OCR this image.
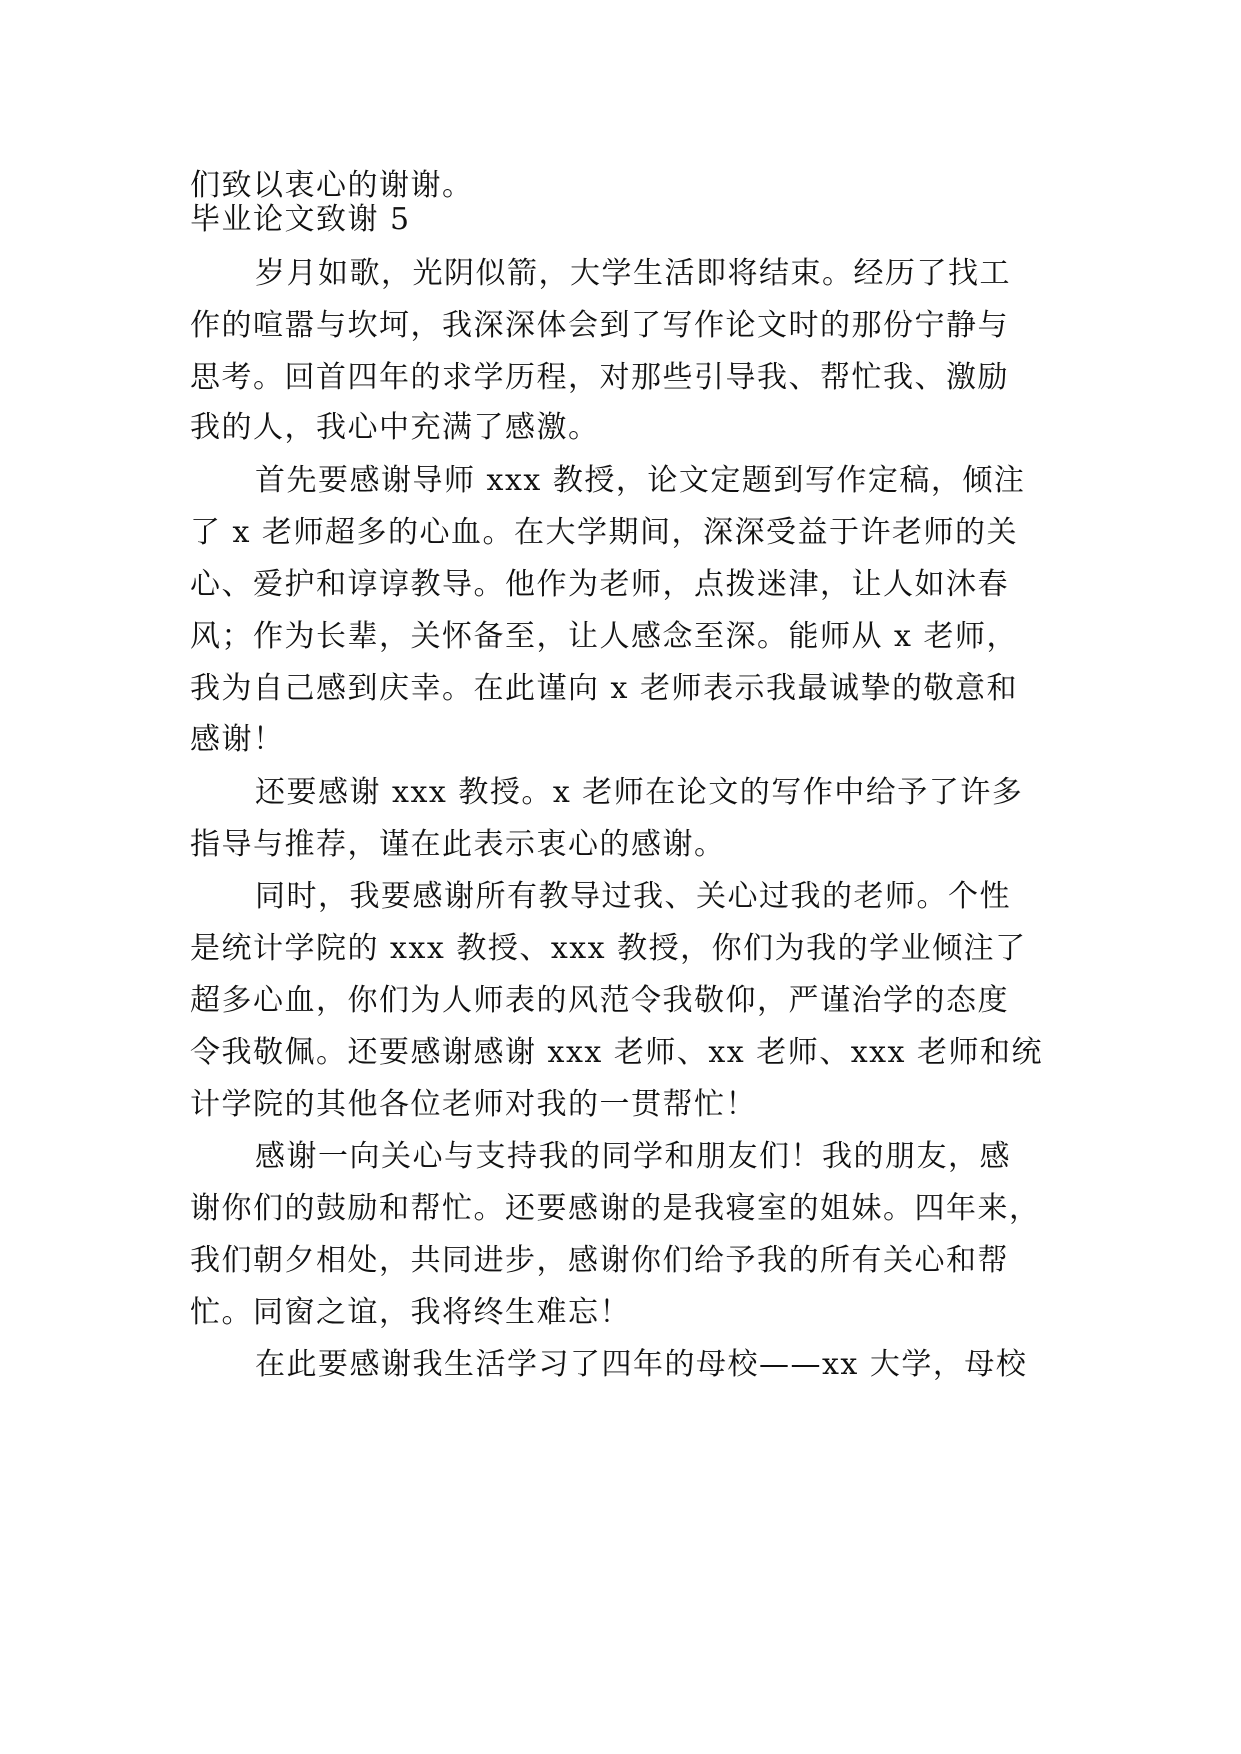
们致以衷心的谢谢。

毕业论文致谢 5

岁月如歌，光阴似箭，大学生活即将结束。经历了找工

作的喧嚣与坎坷，我深深体会到了写作论文时的那份宁静与

思考。回首四年的求学历程，对那些引导我、帮忙我、激励

我的人，我心中充满了感激。

首先要感谢导师 xxx 教授，论文定题到写作定稿，倾注

了 x 老师超多的心血。在大学期间，深深受益于许老师的关

心、爱护和谆谆教导。他作为老师，点拨迷津，让人如沐春

风；作为长辈，关怀备至，让人感念至深。能师从 x 老师，

我为自己感到庆幸。在此谨向 x 老师表示我最诚挚的敬意和

感谢！

还要感谢 xxx 教授。x 老师在论文的写作中给予了许多

指导与推荐，谨在此表示衷心的感谢。

同时，我要感谢所有教导过我、关心过我的老师。个性

是统计学院的 xxx 教授、xxx 教授，你们为我的学业倾注了

超多心血，你们为人师表的风范令我敬仰，严谨治学的态度

令我敬佩。还要感谢感谢 xxx 老师、xx 老师、xxx 老师和统

计学院的其他各位老师对我的一贯帮忙！

感谢一向关心与支持我的同学和朋友们！我的朋友，感

谢你们的鼓励和帮忙。还要感谢的是我寝室的姐妹。四年来，

我们朝夕相处，共同进步，感谢你们给予我的所有关心和帮

忙。同窗之谊，我将终生难忘！

在此要感谢我生活学习了四年的母校——xx 大学，母校
